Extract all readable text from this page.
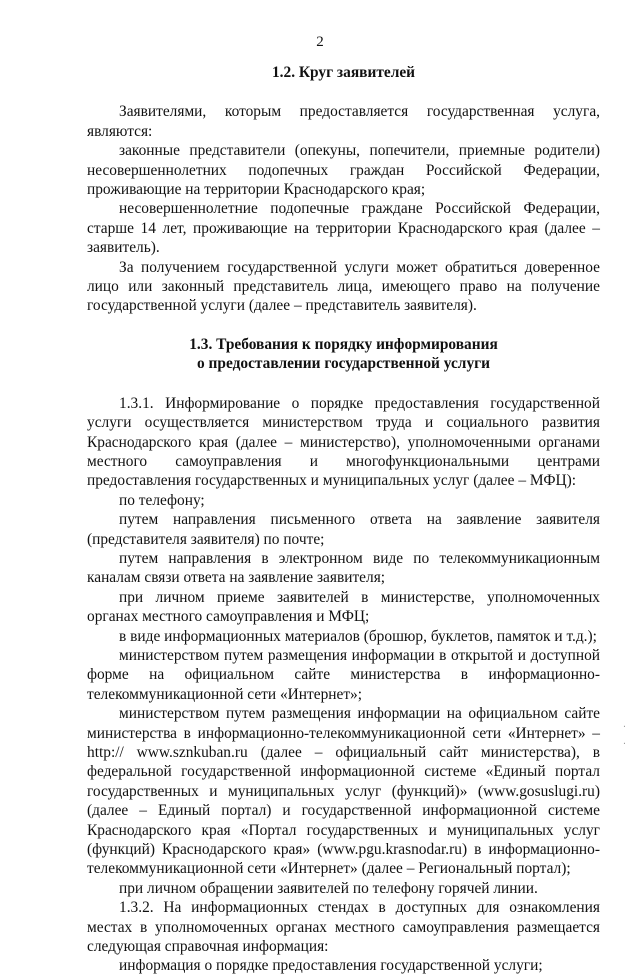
2
1.2. Круг заявителей

Заявителями, которым предоставляется государственная услуга, являются:

законные представители (опекуны, попечители, приемные родители) несовершеннолетних подопечных граждан Российской Федерации, проживающие на территории Краснодарского края;

несовершеннолетние подопечные граждане Российской Федерации, старше 14 лет, проживающие на территории Краснодарского края (далее – заявитель).

За получением государственной услуги может обратиться доверенное лицо или законный представитель лица, имеющего право на получение государственной услуги (далее – представитель заявителя).

1.3. Требования к порядку информирования
о предоставлении государственной услуги

1.3.1. Информирование о порядке предоставления государственной услуги осуществляется министерством труда и социального развития Краснодарского края (далее – министерство), уполномоченными органами местного самоуправления и многофункциональными центрами предоставления государственных и муниципальных услуг (далее – МФЦ):

по телефону;

путем направления письменного ответа на заявление заявителя (представителя заявителя) по почте;

путем направления в электронном виде по телекоммуникационным каналам связи ответа на заявление заявителя;

при личном приеме заявителей в министерстве, уполномоченных органах местного самоуправления и МФЦ;

в виде информационных материалов (брошюр, буклетов, памяток и т.д.);

министерством путем размещения информации в открытой и доступной форме на официальном сайте министерства в информационно-телекоммуникационной сети «Интернет»;

министерством путем размещения информации на официальном сайте министерства в информационно-телекоммуникационной сети «Интернет» – http:// www.sznkuban.ru (далее – официальный сайт министерства), в федеральной государственной информационной системе «Единый портал государственных и муниципальных услуг (функций)» (www.gosuslugi.ru) (далее – Единый портал) и государственной информационной системе Краснодарского края «Портал государственных и муниципальных услуг (функций) Краснодарского края» (www.pgu.krasnodar.ru) в информационно-телекоммуникационной сети «Интернет» (далее – Региональный портал);

при личном обращении заявителей по телефону горячей линии.

1.3.2. На информационных стендах в доступных для ознакомления местах в уполномоченных органах местного самоуправления размещается следующая справочная информация:

информация о порядке предоставления государственной услуги;

·
·
